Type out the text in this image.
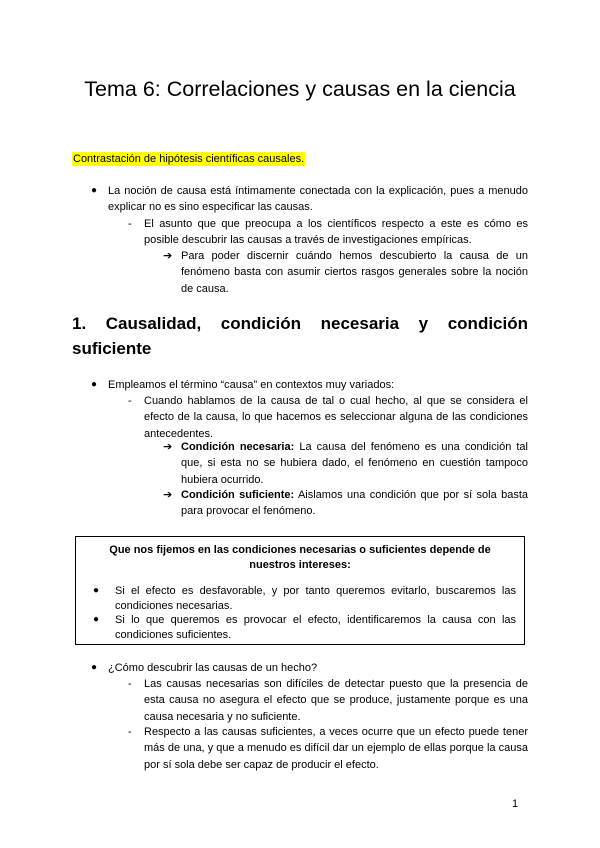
Tema 6: Correlaciones y causas en la ciencia
Contrastación de hipótesis científicas causales.
● La noción de causa está íntimamente conectada con la explicación, pues a menudo explicar no es sino especificar las causas.

- El asunto que que preocupa a los científicos respecto a este es cómo es posible descubrir las causas a través de investigaciones empíricas.

➔ Para poder discernir cuándo hemos descubierto la causa de un fenómeno basta con asumir ciertos rasgos generales sobre la noción de causa.

1. Causalidad, condición necesaria y condición suficiente
● Empleamos el término “causa” en contextos muy variados:

- Cuando hablamos de la causa de tal o cual hecho, al que se considera el efecto de la causa, lo que hacemos es seleccionar alguna de las condiciones antecedentes.

➔ Condición necesaria: La causa del fenómeno es una condición tal que, si esta no se hubiera dado, el fenómeno en cuestión tampoco hubiera ocurrido.

➔ Condición suficiente: Aislamos una condición que por sí sola basta para provocar el fenómeno.

Que nos fijemos en las condiciones necesarias o suficientes depende de nuestros intereses:

● Si el efecto es desfavorable, y por tanto queremos evitarlo, buscaremos las condiciones necesarias.

● Si lo que queremos es provocar el efecto, identificaremos la causa con las condiciones suficientes.

● ¿Cómo descubrir las causas de un hecho?

- Las causas necesarias son difíciles de detectar puesto que la presencia de esta causa no asegura el efecto que se produce, justamente porque es una causa necesaria y no suficiente.

- Respecto a las causas suficientes, a veces ocurre que un efecto puede tener más de una, y que a menudo es difícil dar un ejemplo de ellas porque la causa por sí sola debe ser capaz de producir el efecto.

1
